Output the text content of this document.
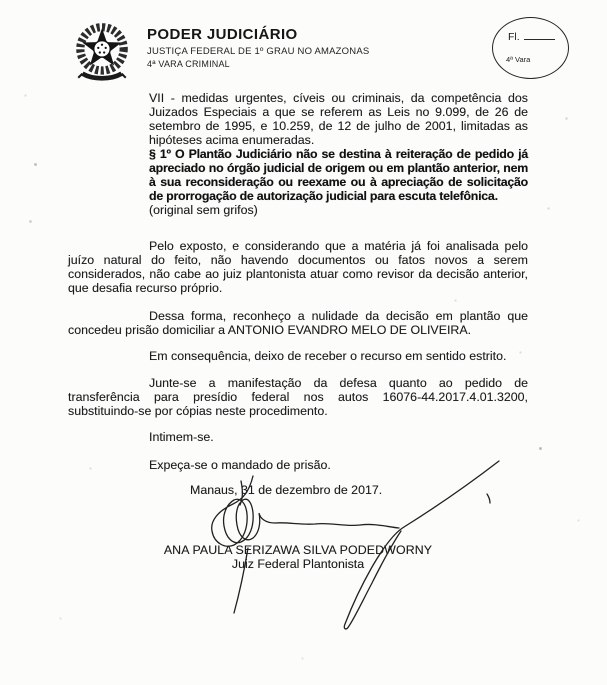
PODER JUDICIÁRIO
JUSTIÇA FEDERAL DE 1º GRAU NO AMAZONAS
4ª VARA CRIMINAL
Fl.
4ª Vara
VII - medidas urgentes, cíveis ou criminais, da competência dos Juizados Especiais a que se referem as Leis no 9.099, de 26 de setembro de 1995, e 10.259, de 12 de julho de 2001, limitadas as hipóteses acima enumeradas.
§ 1º O Plantão Judiciário não se destina à reiteração de pedido já apreciado no órgão judicial de origem ou em plantão anterior, nem à sua reconsideração ou reexame ou à apreciação de solicitação de prorrogação de autorização judicial para escuta telefônica.
(original sem grifos)

Pelo exposto, e considerando que a matéria já foi analisada pelo juízo natural do feito, não havendo documentos ou fatos novos a serem considerados, não cabe ao juiz plantonista atuar como revisor da decisão anterior, que desafia recurso próprio.

Dessa forma, reconheço a nulidade da decisão em plantão que concedeu prisão domiciliar a ANTONIO EVANDRO MELO DE OLIVEIRA.

Em consequência, deixo de receber o recurso em sentido estrito.

Junte-se a manifestação da defesa quanto ao pedido de transferência para presídio federal nos autos 16076-44.2017.4.01.3200, substituindo-se por cópias neste procedimento.

Intimem-se.

Expeça-se o mandado de prisão.

Manaus, 31 de dezembro de 2017.

ANA PAULA SERIZAWA SILVA PODEDWORNY

Juiz Federal Plantonista
